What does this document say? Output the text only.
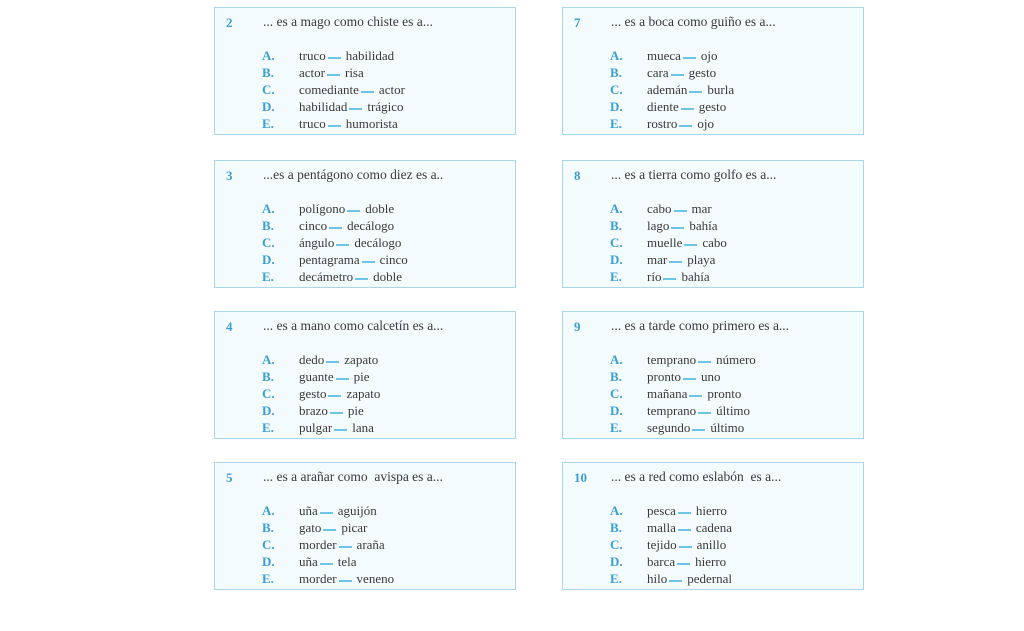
2 ... es a mago como chiste es a...
A.	truco habilidad
B.	actor risa
C.	comediante actor
D.	habilidad trágico
E.	truco humorista
3 ...es a pentágono como diez es a..
A.	polígono doble
B.	cinco decálogo
C.	ángulo decálogo
D.	pentagrama cinco
E.	decámetro doble
4 ... es a mano como calcetín es a...
A.	dedo zapato
B.	guante pie
C.	gesto zapato
D.	brazo pie
E.	pulgar lana
5 ... es a arañar como  avispa es a...
A.	uña aguijón
B.	gato picar
C.	morder araña
D.	uña tela
E.	morder veneno
7 ... es a boca como guiño es a...
A.	mueca ojo
B.	cara gesto
C.	ademán burla
D.	diente gesto
E.	rostro ojo
8 ... es a tierra como golfo es a...
A.	cabo mar
B.	lago bahía
C.	muelle cabo
D.	mar playa
E.	río bahía
9 ... es a tarde como primero es a...
A.	temprano número
B.	pronto uno
C.	mañana pronto
D.	temprano último
E.	segundo último
10 ... es a red como eslabón  es a...
A.	pesca hierro
B.	malla cadena
C.	tejido anillo
D.	barca hierro
E.	hilo pedernal
